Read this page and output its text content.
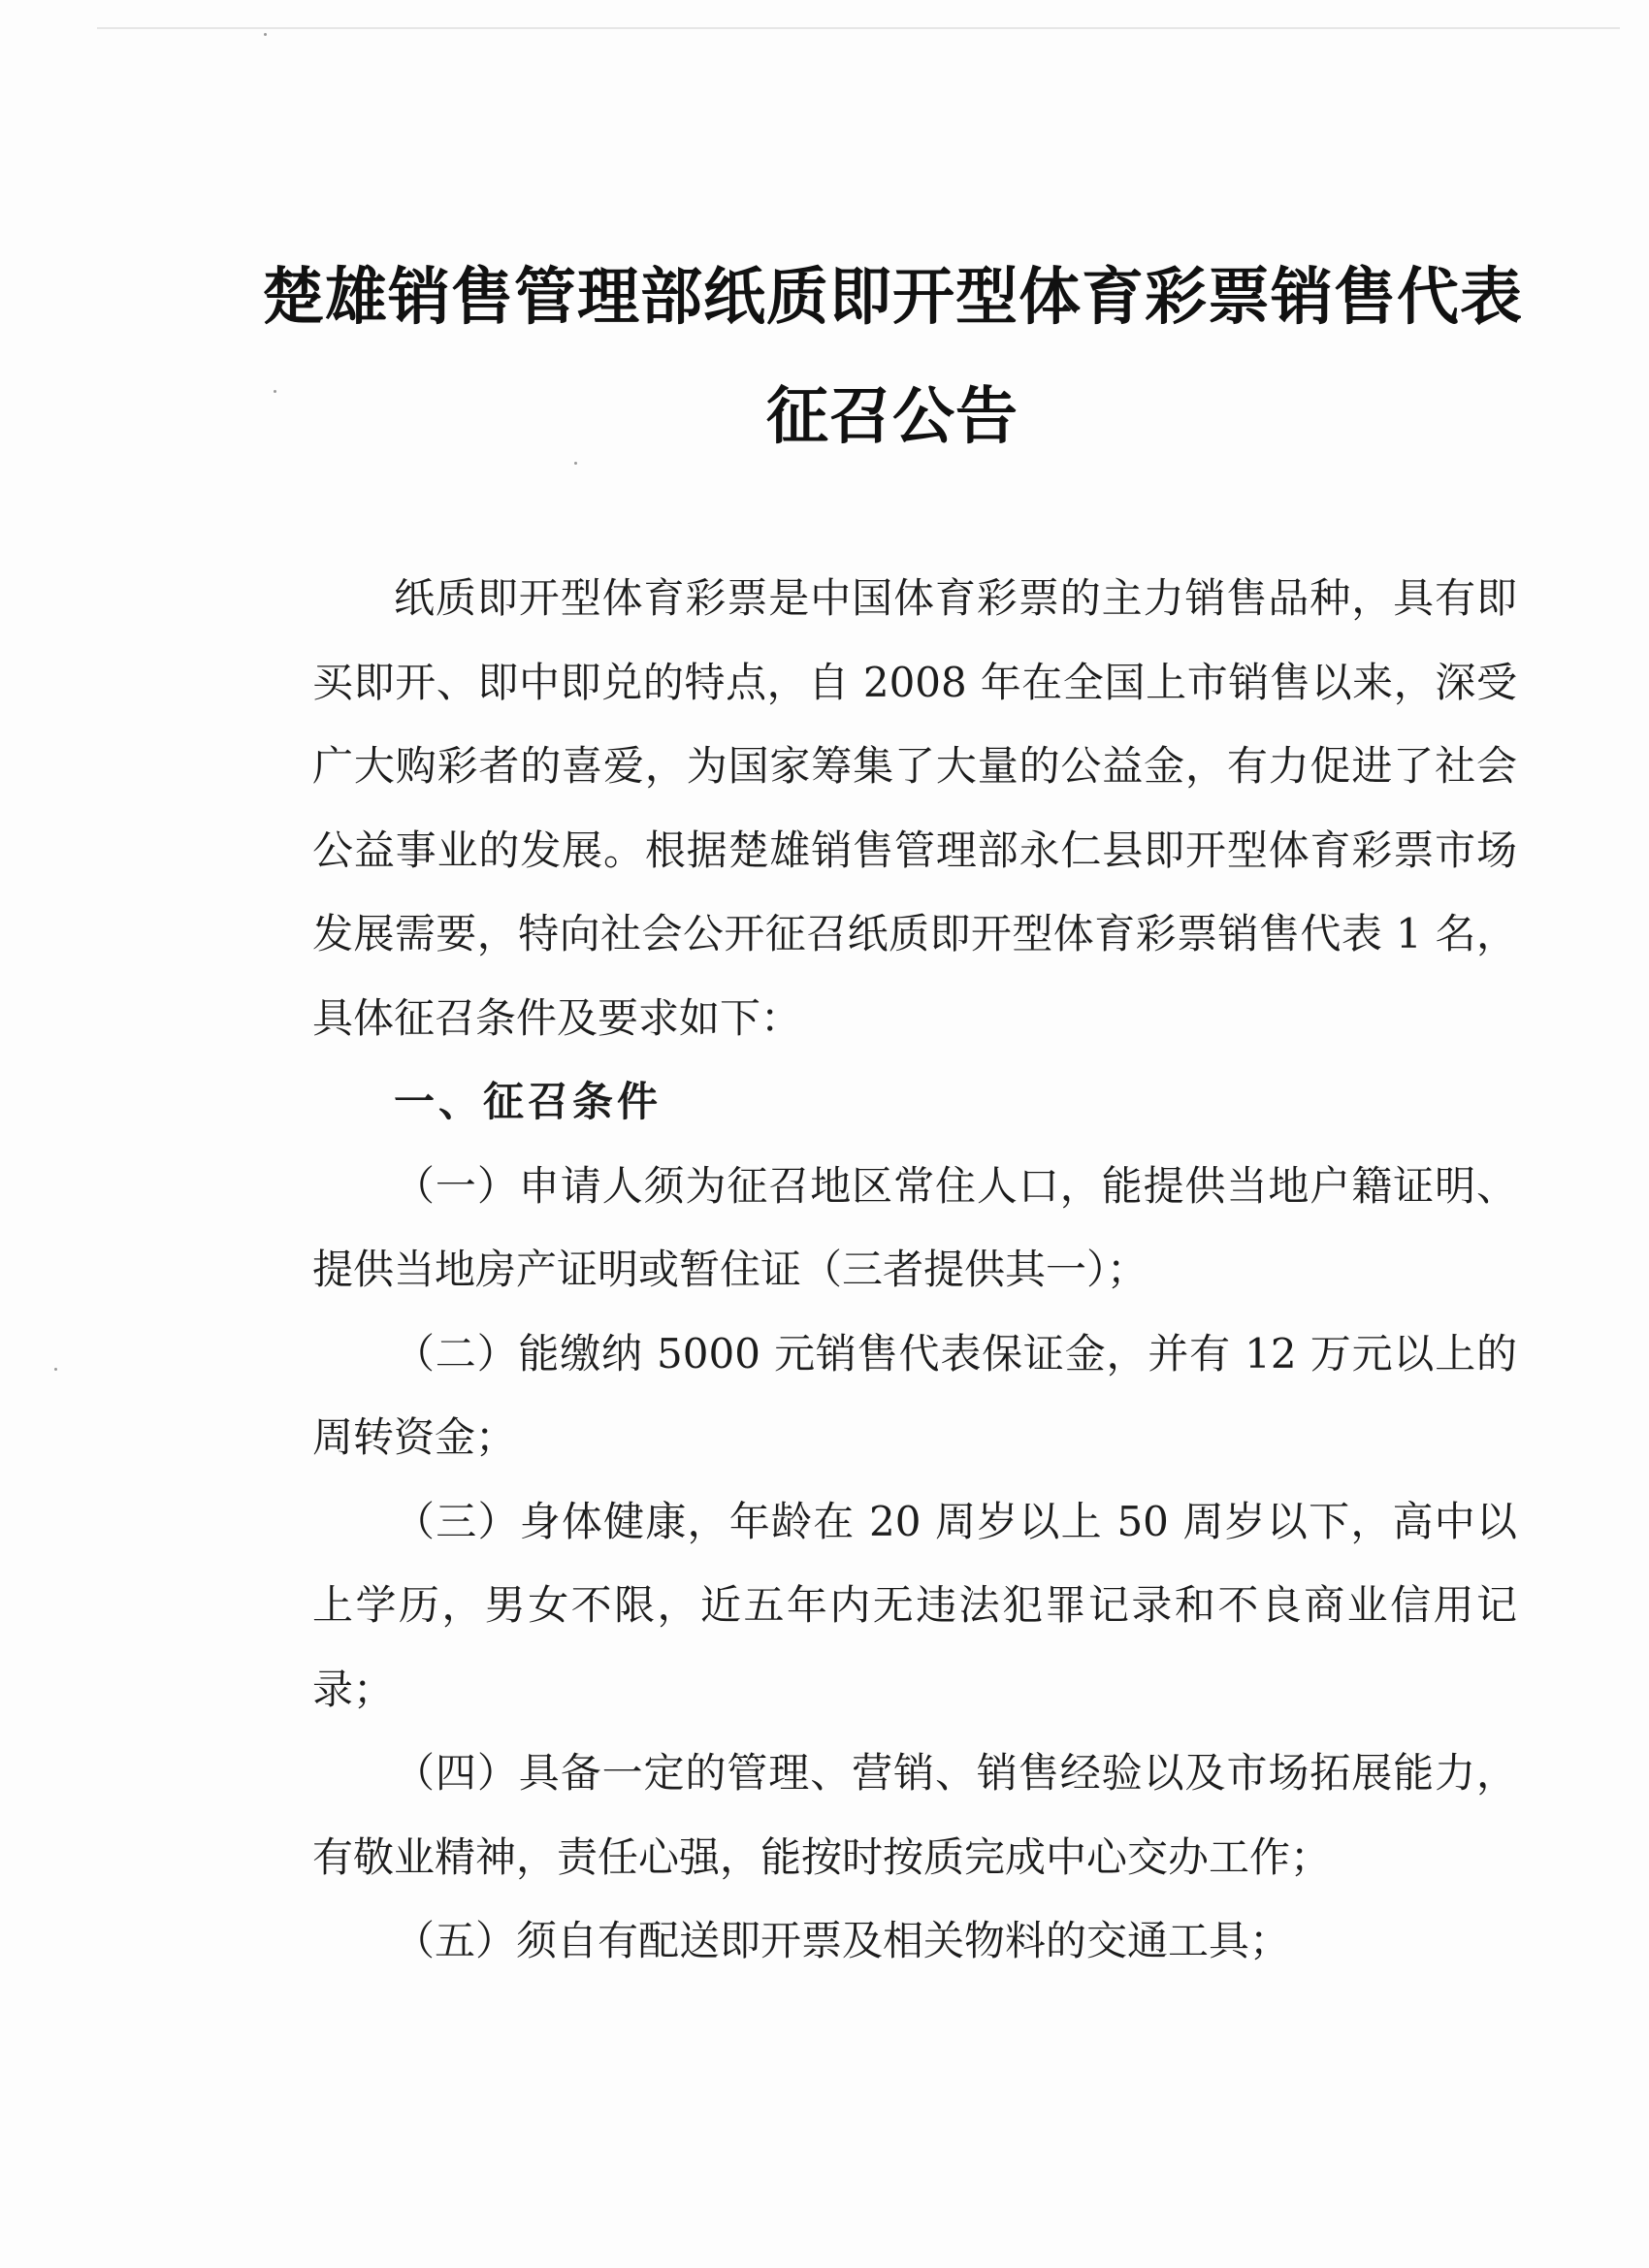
楚雄销售管理部纸质即开型体育彩票销售代表
征召公告

纸质即开型体育彩票是中国体育彩票的主力销售品种，具有即买即开、即中即兑的特点，自 2008 年在全国上市销售以来，深受广大购彩者的喜爱，为国家筹集了大量的公益金，有力促进了社会公益事业的发展。根据楚雄销售管理部永仁县即开型体育彩票市场发展需要，特向社会公开征召纸质即开型体育彩票销售代表 1 名，具体征召条件及要求如下：

一、征召条件

（一）申请人须为征召地区常住人口，能提供当地户籍证明、提供当地房产证明或暂住证（三者提供其一）；

（二）能缴纳 5000 元销售代表保证金，并有 12 万元以上的周转资金；

（三）身体健康，年龄在 20 周岁以上 50 周岁以下，高中以上学历，男女不限，近五年内无违法犯罪记录和不良商业信用记录；

（四）具备一定的管理、营销、销售经验以及市场拓展能力，有敬业精神，责任心强，能按时按质完成中心交办工作；

（五）须自有配送即开票及相关物料的交通工具；
